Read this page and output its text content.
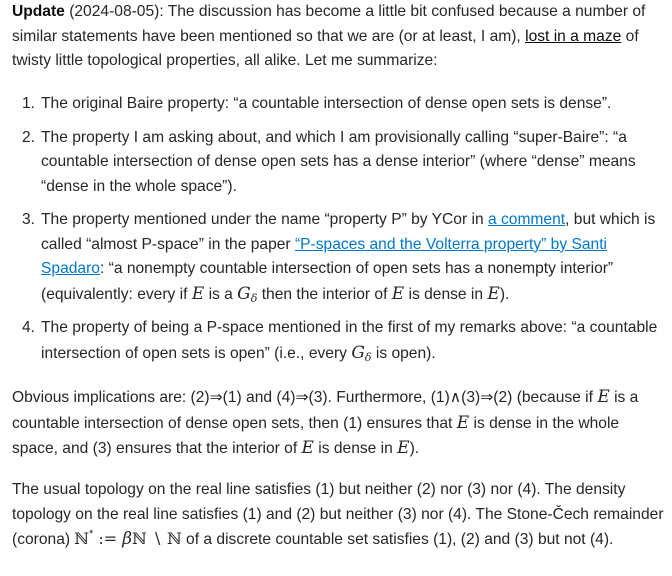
Update (2024-08-05): The discussion has become a little bit confused because a number of similar statements have been mentioned so that we are (or at least, I am), lost in a maze of twisty little topological properties, all alike. Let me summarize:

1. The original Baire property: “a countable intersection of dense open sets is dense”.
2. The property I am asking about, and which I am provisionally calling “super-Baire”: “a countable intersection of dense open sets has a dense interior” (where “dense” means “dense in the whole space”).
3. The property mentioned under the name “property P” by YCor in a comment, but which is called “almost P-space” in the paper “P-spaces and the Volterra property” by Santi Spadaro: “a nonempty countable intersection of open sets has a nonempty interior” (equivalently: every if E is a $G_\delta$ then the interior of E is dense in E).
4. The property of being a P-space mentioned in the first of my remarks above: “a countable intersection of open sets is open” (i.e., every $G_\delta$ is open).

Obvious implications are: (2)⇒(1) and (4)⇒(3). Furthermore, (1)∧(3)⇒(2) (because if E is a countable intersection of dense open sets, then (1) ensures that E is dense in the whole space, and (3) ensures that the interior of E is dense in E).

The usual topology on the real line satisfies (1) but neither (2) nor (3) nor (4). The density topology on the real line satisfies (1) and (2) but neither (3) nor (4). The Stone-Čech remainder (corona) ℕ* := βℕ ∖ ℕ of a discrete countable set satisfies (1), (2) and (3) but not (4).
